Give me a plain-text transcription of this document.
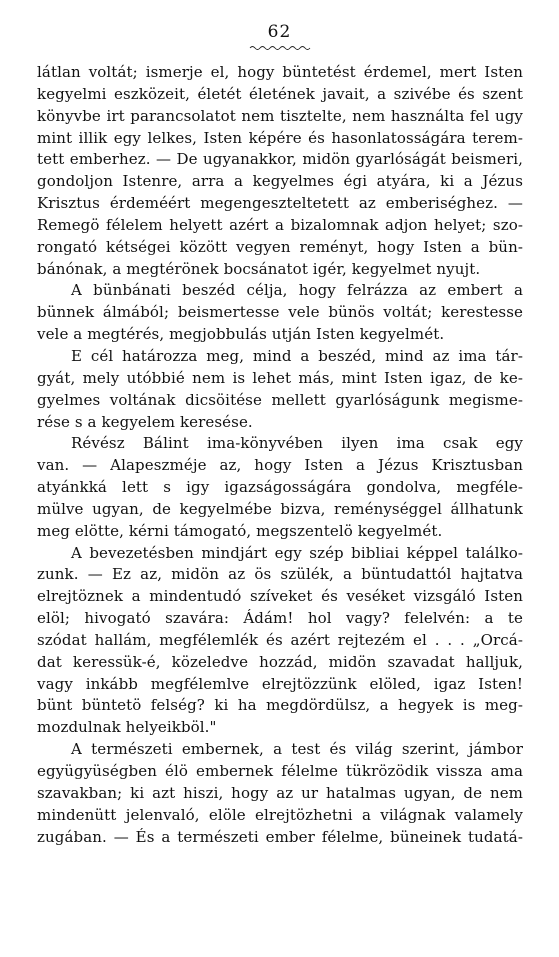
62
látlan voltát; ismerje el, hogy büntetést érdemel, mert Isten
kegyelmi eszközeit, életét életének javait, a szivébe és szent
könyvbe irt parancsolatot nem tisztelte, nem használta fel ugy
mint illik egy lelkes, Isten képére és hasonlatosságára terem-
tett emberhez. — De ugyanakkor, midön gyarlóságát beismeri,
gondoljon Istenre, arra a kegyelmes égi atyára, ki a Jézus
Krisztus érdeméért megengeszteltetett az emberiséghez. —
Remegö félelem helyett azért a bizalomnak adjon helyet; szo-
rongató kétségei között vegyen reményt, hogy Isten a bün-
bánónak, a megtérönek bocsánatot igér, kegyelmet nyujt.
A bünbánati beszéd célja, hogy felrázza az embert a
bünnek álmából; beismertesse vele bünös voltát; kerestesse
vele a megtérés, megjobbulás utján Isten kegyelmét.
E cél határozza meg, mind a beszéd, mind az ima tár-
gyát, mely utóbbié nem is lehet más, mint Isten igaz, de ke-
gyelmes voltának dicsöitése mellett gyarlóságunk megisme-
rése s a kegyelem keresése.
Révész Bálint ima-könyvében ilyen ima csak egy
van. — Alapeszméje az, hogy Isten a Jézus Krisztusban
atyánkká lett s igy igazságosságára gondolva, megféle-
mülve ugyan, de kegyelmébe bizva, reménységgel állhatunk
meg elötte, kérni támogató, megszentelö kegyelmét.
A bevezetésben mindjárt egy szép bibliai képpel találko-
zunk. — Ez az, midön az ös szülék, a büntudattól hajtatva
elrejtöznek a mindentudó szíveket és veséket vizsgáló Isten
elöl; hivogató szavára: Ádám! hol vagy? felelvén: a te
szódat hallám, megfélemlék és azért rejtezém el . . . „Orcá-
dat keressük-é, közeledve hozzád, midön szavadat halljuk,
vagy inkább megfélemlve elrejtözzünk elöled, igaz Isten!
bünt büntetö felség? ki ha megdördülsz, a hegyek is meg-
mozdulnak helyeikböl."
A természeti embernek, a test és világ szerint, jámbor
együgyüségben élö embernek félelme tükrözödik vissza ama
szavakban; ki azt hiszi, hogy az ur hatalmas ugyan, de nem
mindenütt jelenvaló, elöle elrejtözhetni a világnak valamely
zugában. — És a természeti ember félelme, büneinek tudatá-
